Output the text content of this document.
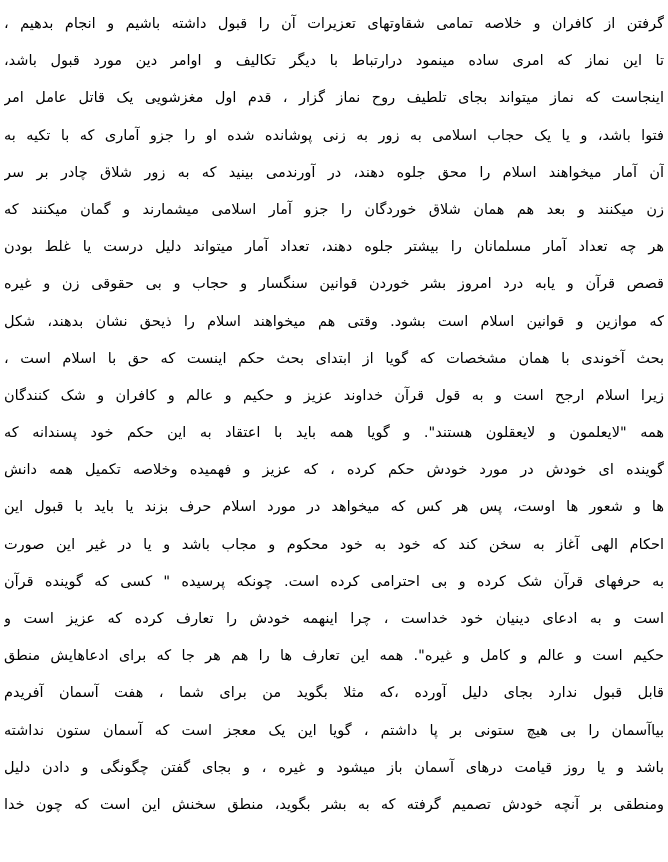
گرفتن از کافران و خلاصه تمامی شقاوتهای تعزیرات آن را قبول داشته باشیم و انجام بدهیم ،
تا این نماز که امری ساده مینمود درارتباط با دیگر تکالیف و اوامر دین مورد قبول باشد،
اینجاست که نماز میتواند بجای تلطیف روح نماز گزار ، قدم اول مغزشویی یک قاتل عامل امر
فتوا باشد، و یا یک حجاب اسلامی به زور به زنی پوشانده شده او را جزو آماری که با تکیه به
آن آمار میخواهند اسلام را محق جلوه دهند، در آورندمی بینید که به زور شلاق چادر بر سر
زن میکنند و بعد هم همان شلاق خوردگان را جزو آمار اسلامی میشمارند و گمان میکنند که
هر چه تعداد آمار مسلمانان را بیشتر جلوه دهند، تعداد آمار میتواند دلیل درست یا غلط بودن
قصص قرآن و یابه درد امروز بشر خوردن قوانین سنگسار و حجاب و بی حقوقی زن و غیره
که موازین و قوانین اسلام است بشود. وقتی هم میخواهند اسلام را ذیحق نشان بدهند، شکل
بحث آخوندی با همان مشخصات که گویا از ابتدای بحث حکم اینست که حق با اسلام است ،
زیرا اسلام ارجح است و به قول قرآن خداوند عزیز و حکیم و عالم و کافران و شک کنندگان
همه "لایعلمون و لایعقلون هستند". و گویا همه باید با اعتقاد به این حکم خود پسندانه که
گوینده ای خودش در مورد خودش حکم کرده ، که عزیز و فهمیده وخلاصه تکمیل همه دانش
ها و شعور ها اوست، پس هر کس که میخواهد در مورد اسلام حرف بزند یا باید با قبول این
احکام الهی آغاز به سخن کند که خود به خود محکوم و مجاب باشد و یا در غیر این صورت
به حرفهای قرآن شک کرده و بی احترامی کرده است. چونکه پرسیده " کسی که گوینده قرآن
است و به ادعای دینیان خود خداست ، چرا اینهمه خودش را تعارف کرده که عزیز است و
حکیم است و عالم و کامل و غیره". همه این تعارف ها را هم هر جا که برای ادعاهایش منطق
قابل قبول ندارد بجای دلیل آورده ،که مثلا بگوید من برای شما ، هفت آسمان آفریدم
بیاآسمان را بی هیچ ستونی بر پا داشتم ، گویا این یک معجز است که آسمان ستون نداشته
باشد و یا روز قیامت درهای آسمان باز میشود و غیره ، و بجای گفتن چگونگی و دادن دلیل
ومنطقی بر آنچه خودش تصمیم گرفته که به بشر بگوید، منطق سخنش این است که چون خدا
